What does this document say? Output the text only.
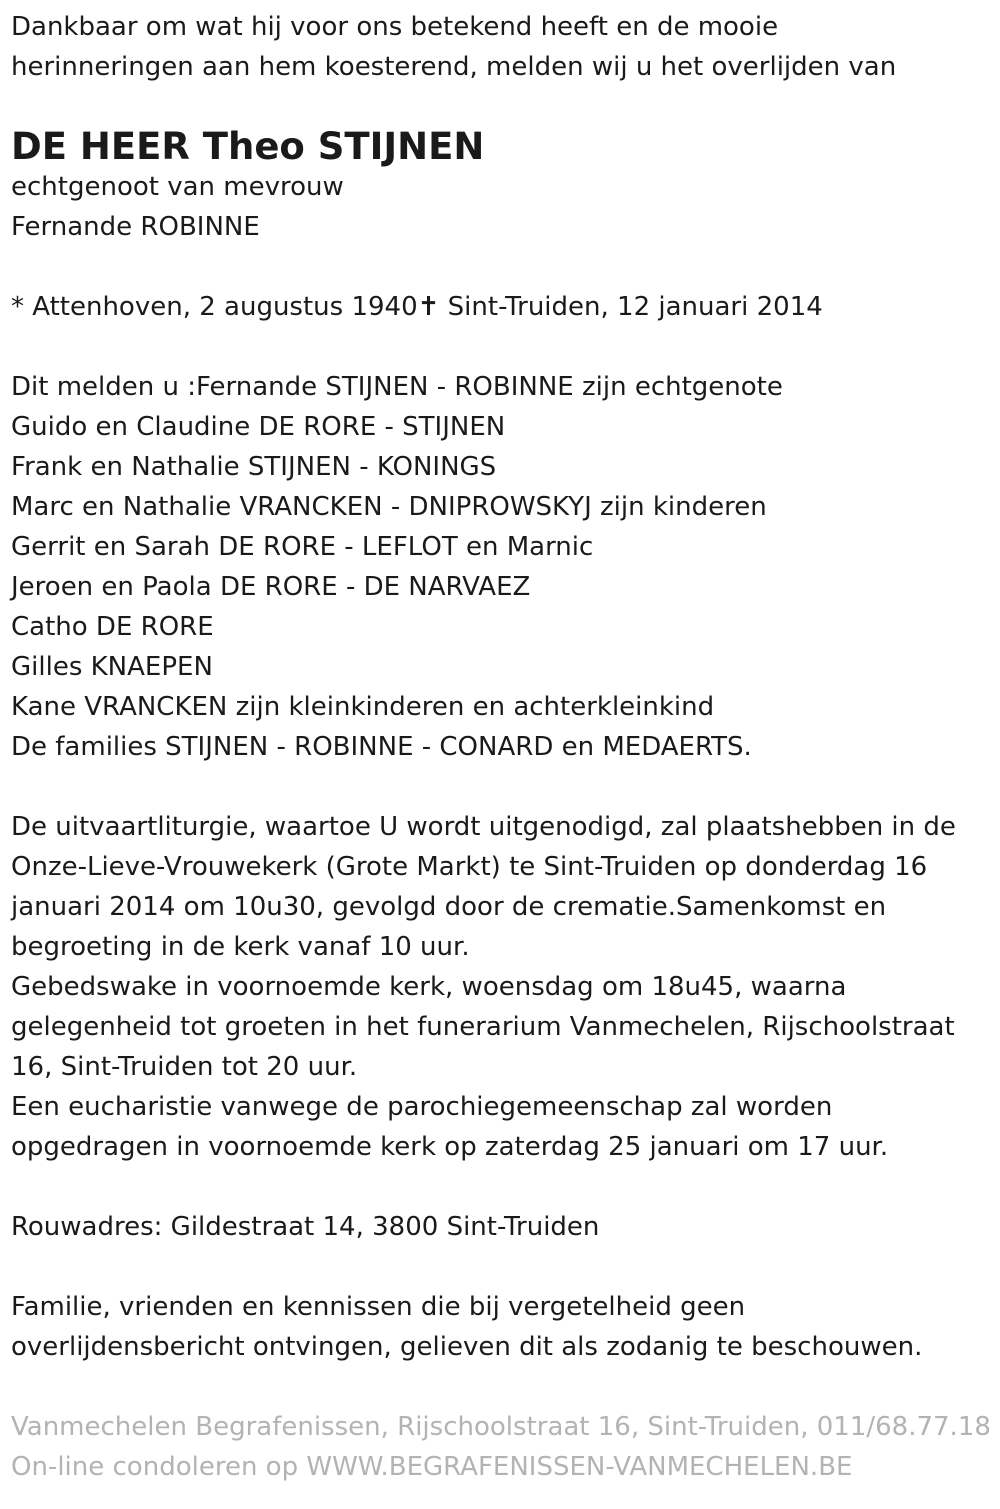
Dankbaar om wat hij voor ons betekend heeft en de mooie
herinneringen aan hem koesterend, melden wij u het overlijden van
DE HEER Theo STIJNEN
echtgenoot van mevrouw
Fernande ROBINNE
* Attenhoven, 2 augustus 1940✝ Sint-Truiden, 12 januari 2014
Dit melden u :Fernande STIJNEN - ROBINNE zijn echtgenote
Guido en Claudine DE RORE - STIJNEN
Frank en Nathalie STIJNEN - KONINGS
Marc en Nathalie VRANCKEN - DNIPROWSKYJ zijn kinderen
Gerrit en Sarah DE RORE - LEFLOT en Marnic
Jeroen en Paola DE RORE - DE NARVAEZ
Catho DE RORE
Gilles KNAEPEN
Kane VRANCKEN zijn kleinkinderen en achterkleinkind
De families STIJNEN - ROBINNE - CONARD en MEDAERTS.
De uitvaartliturgie, waartoe U wordt uitgenodigd, zal plaatshebben in de
Onze-Lieve-Vrouwekerk (Grote Markt) te Sint-Truiden op donderdag 16
januari 2014 om 10u30, gevolgd door de crematie.Samenkomst en
begroeting in de kerk vanaf 10 uur.
Gebedswake in voornoemde kerk, woensdag om 18u45, waarna
gelegenheid tot groeten in het funerarium Vanmechelen, Rijschoolstraat
16, Sint-Truiden tot 20 uur.
Een eucharistie vanwege de parochiegemeenschap zal worden
opgedragen in voornoemde kerk op zaterdag 25 januari om 17 uur.
Rouwadres: Gildestraat 14, 3800 Sint-Truiden
Familie, vrienden en kennissen die bij vergetelheid geen
overlijdensbericht ontvingen, gelieven dit als zodanig te beschouwen.
Vanmechelen Begrafenissen, Rijschoolstraat 16, Sint-Truiden, 011/68.77.18
On-line condoleren op WWW.BEGRAFENISSEN-VANMECHELEN.BE
